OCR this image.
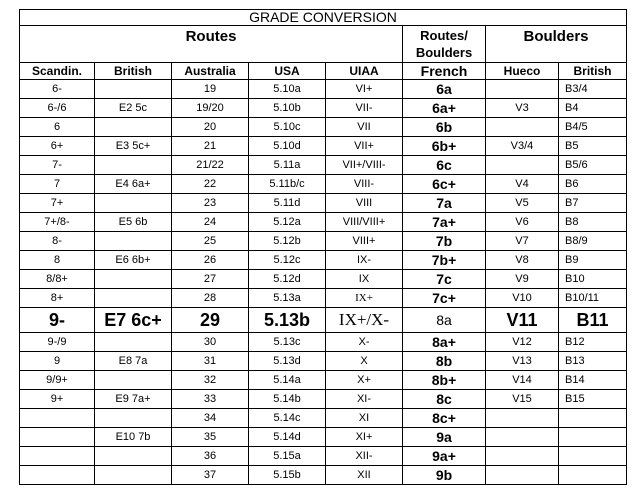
GRADE CONVERSION							
Routes					Routes/
Boulders	Boulders	
Scandin.	British	Australia	USA	UIAA	French	Hueco	British
6-		19	5.10a	VI+	6a		B3/4
6-/6	E2 5c	19/20	5.10b	VII-	6a+	V3	B4
6		20	5.10c	VII	6b		B4/5
6+	E3 5c+	21	5.10d	VII+	6b+	V3/4	B5
7-		21/22	5.11a	VII+/VIII-	6c		B5/6
7	E4 6a+	22	5.11b/c	VIII-	6c+	V4	B6
7+		23	5.11d	VIII	7a	V5	B7
7+/8-	E5 6b	24	5.12a	VIII/VIII+	7a+	V6	B8
8-		25	5.12b	VIII+	7b	V7	B8/9
8	E6 6b+	26	5.12c	IX-	7b+	V8	B9
8/8+		27	5.12d	IX	7c	V9	B10
8+		28	5.13a	IX+	7c+	V10	B10/11
9-	E7 6c+	29	5.13b	IX+/X-	8a	V11	B11
9-/9		30	5.13c	X-	8a+	V12	B12
9	E8 7a	31	5.13d	X	8b	V13	B13
9/9+		32	5.14a	X+	8b+	V14	B14
9+	E9 7a+	33	5.14b	XI-	8c	V15	B15
		34	5.14c	XI	8c+		
	E10 7b	35	5.14d	XI+	9a		
		36	5.15a	XII-	9a+		
		37	5.15b	XII	9b		
